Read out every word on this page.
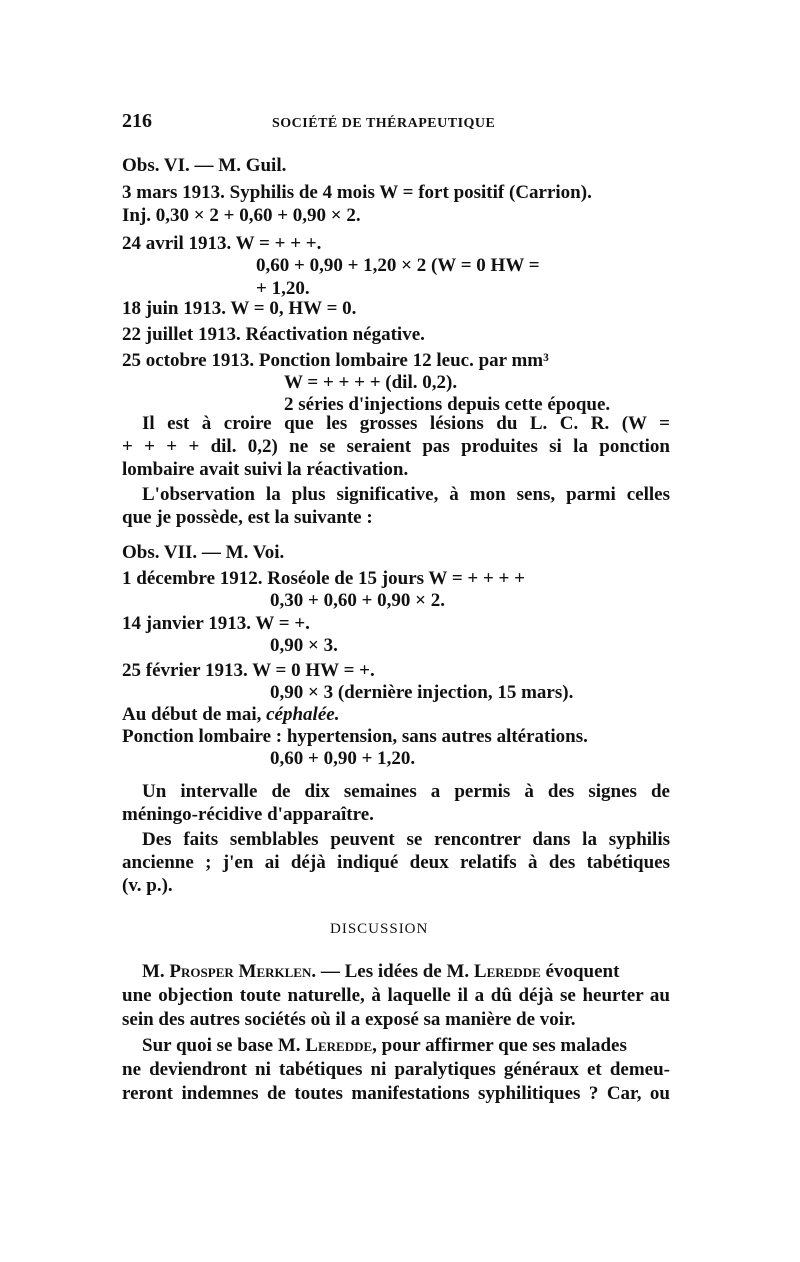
216	SOCIÉTÉ DE THÉRAPEUTIQUE
Obs. VI. — M. Guil.
3 mars 1913. Syphilis de 4 mois W = fort positif (Carrion).
Inj. 0,30 × 2 + 0,60 + 0,90 × 2.
24 avril 1913. W = + + +.
0,60 + 0,90 + 1,20 × 2 (W = 0 HW =
+ 1,20.
18 juin 1913. W = 0, HW = 0.
22 juillet 1913. Réactivation négative.
25 octobre 1913. Ponction lombaire 12 leuc. par mm³
W = + + + + (dil. 0,2).
2 séries d'injections depuis cette époque.
Il est à croire que les grosses lésions du L. C. R. (W =
+ + + + dil. 0,2) ne se seraient pas produites si la ponction
lombaire avait suivi la réactivation.
L'observation la plus significative, à mon sens, parmi celles
que je possède, est la suivante :
Obs. VII. — M. Voi.
1 décembre 1912. Roséole de 15 jours W = + + + +
0,30 + 0,60 + 0,90 × 2.
14 janvier 1913. W = +.
0,90 × 3.
25 février 1913. W = 0 HW = +.
0,90 × 3 (dernière injection, 15 mars).
Au début de mai, céphalée.
Ponction lombaire : hypertension, sans autres altérations.
0,60 + 0,90 + 1,20.
Un intervalle de dix semaines a permis à des signes de
méningo-récidive d'apparaître.
Des faits semblables peuvent se rencontrer dans la syphilis
ancienne ; j'en ai déjà indiqué deux relatifs à des tabétiques
(v. p.).
DISCUSSION
M. Prosper Merklen. — Les idées de M. Leredde évoquent
une objection toute naturelle, à laquelle il a dû déjà se heurter au
sein des autres sociétés où il a exposé sa manière de voir.
Sur quoi se base M. Leredde, pour affirmer que ses malades
ne deviendront ni tabétiques ni paralytiques généraux et demeu-
reront indemnes de toutes manifestations syphilitiques ? Car, ou
